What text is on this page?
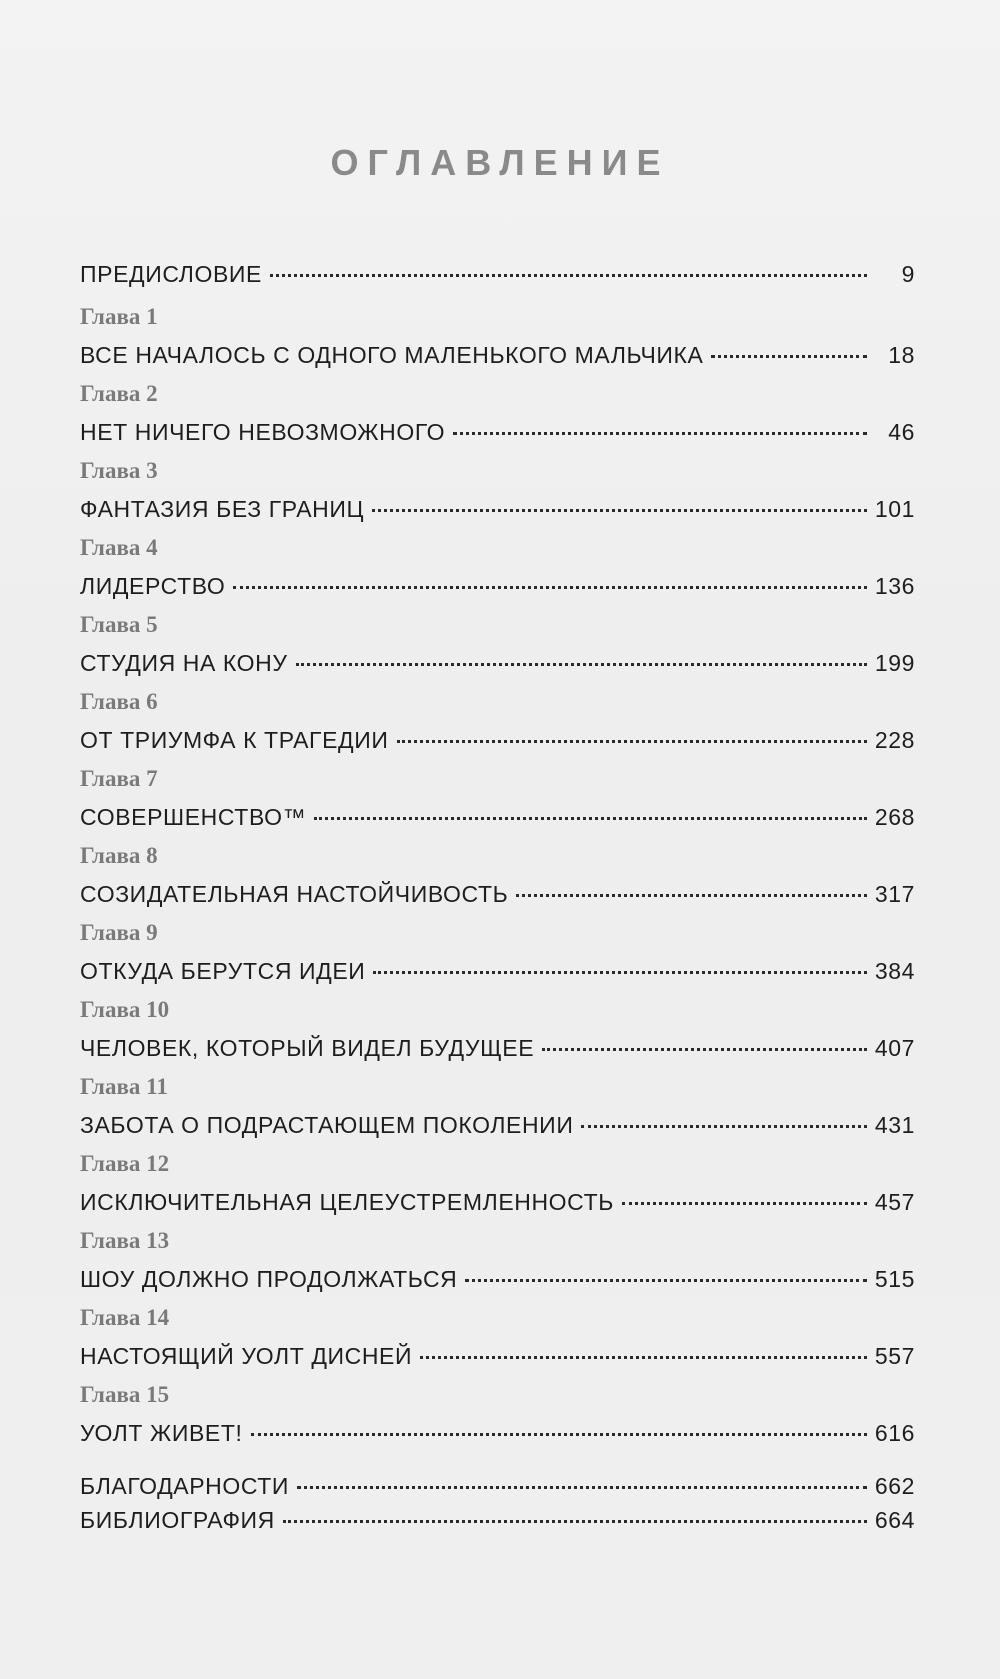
ОГЛАВЛЕНИЕ
ПРЕДИСЛОВИЕ	9
Глава 1
ВСЕ НАЧАЛОСЬ С ОДНОГО МАЛЕНЬКОГО МАЛЬЧИКА	18
Глава 2
НЕТ НИЧЕГО НЕВОЗМОЖНОГО	46
Глава 3
ФАНТАЗИЯ БЕЗ ГРАНИЦ	101
Глава 4
ЛИДЕРСТВО	136
Глава 5
СТУДИЯ НА КОНУ	199
Глава 6
ОТ ТРИУМФА К ТРАГЕДИИ	228
Глава 7
СОВЕРШЕНСТВО™	268
Глава 8
СОЗИДАТЕЛЬНАЯ НАСТОЙЧИВОСТЬ	317
Глава 9
ОТКУДА БЕРУТСЯ ИДЕИ	384
Глава 10
ЧЕЛОВЕК, КОТОРЫЙ ВИДЕЛ БУДУЩЕЕ	407
Глава 11
ЗАБОТА О ПОДРАСТАЮЩЕМ ПОКОЛЕНИИ	431
Глава 12
ИСКЛЮЧИТЕЛЬНАЯ ЦЕЛЕУСТРЕМЛЕННОСТЬ	457
Глава 13
ШОУ ДОЛЖНО ПРОДОЛЖАТЬСЯ	515
Глава 14
НАСТОЯЩИЙ УОЛТ ДИСНЕЙ	557
Глава 15
УОЛТ ЖИВЕТ!	616
БЛАГОДАРНОСТИ	662
БИБЛИОГРАФИЯ	664
